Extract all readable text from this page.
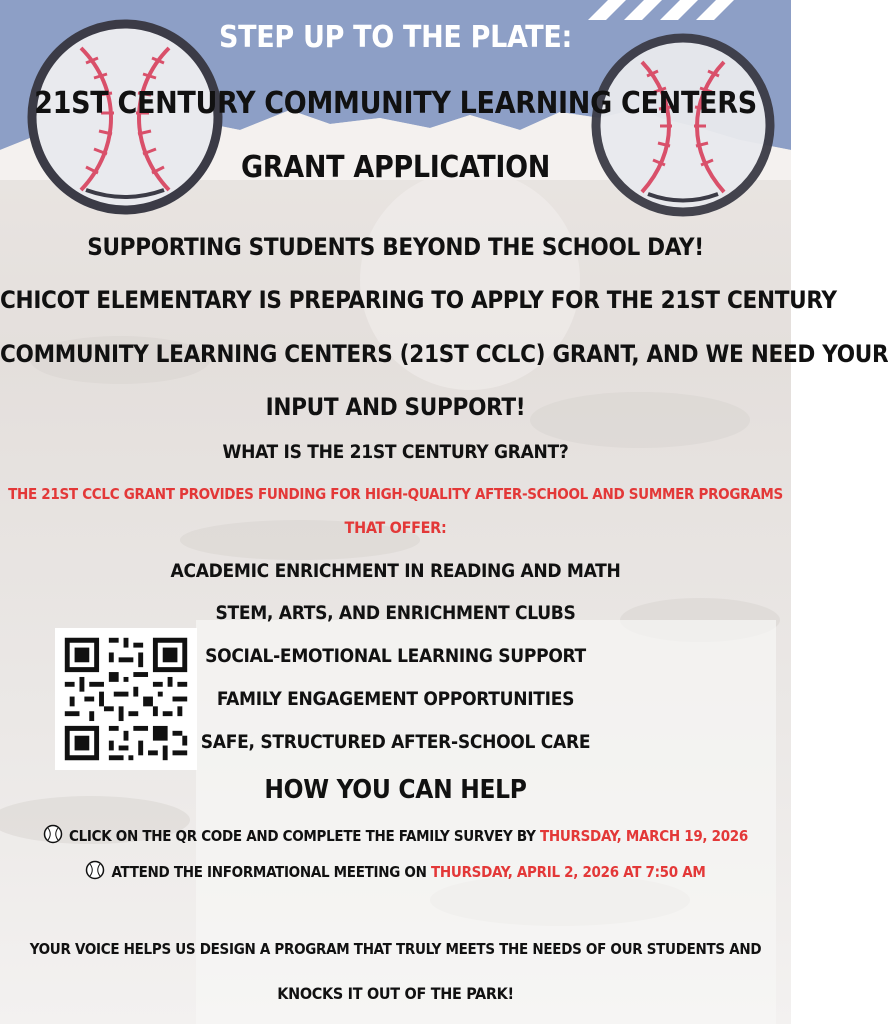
STEP UP TO THE PLATE:
21ST CENTURY COMMUNITY LEARNING CENTERS
GRANT APPLICATION
SUPPORTING STUDENTS BEYOND THE SCHOOL DAY!
CHICOT ELEMENTARY IS PREPARING TO APPLY FOR THE 21ST CENTURY
COMMUNITY LEARNING CENTERS (21ST CCLC) GRANT, AND WE NEED YOUR
INPUT AND SUPPORT!
WHAT IS THE 21ST CENTURY GRANT?
THE 21ST CCLC GRANT PROVIDES FUNDING FOR HIGH-QUALITY AFTER-SCHOOL AND SUMMER PROGRAMS
THAT OFFER:
ACADEMIC ENRICHMENT IN READING AND MATH
STEM, ARTS, AND ENRICHMENT CLUBS
SOCIAL-EMOTIONAL LEARNING SUPPORT
FAMILY ENGAGEMENT OPPORTUNITIES
SAFE, STRUCTURED AFTER-SCHOOL CARE
HOW YOU CAN HELP
CLICK ON THE QR CODE AND COMPLETE THE FAMILY SURVEY BY THURSDAY, MARCH 19, 2026
ATTEND THE INFORMATIONAL MEETING ON THURSDAY, APRIL 2, 2026 AT 7:50 AM
YOUR VOICE HELPS US DESIGN A PROGRAM THAT TRULY MEETS THE NEEDS OF OUR STUDENTS AND
KNOCKS IT OUT OF THE PARK!
